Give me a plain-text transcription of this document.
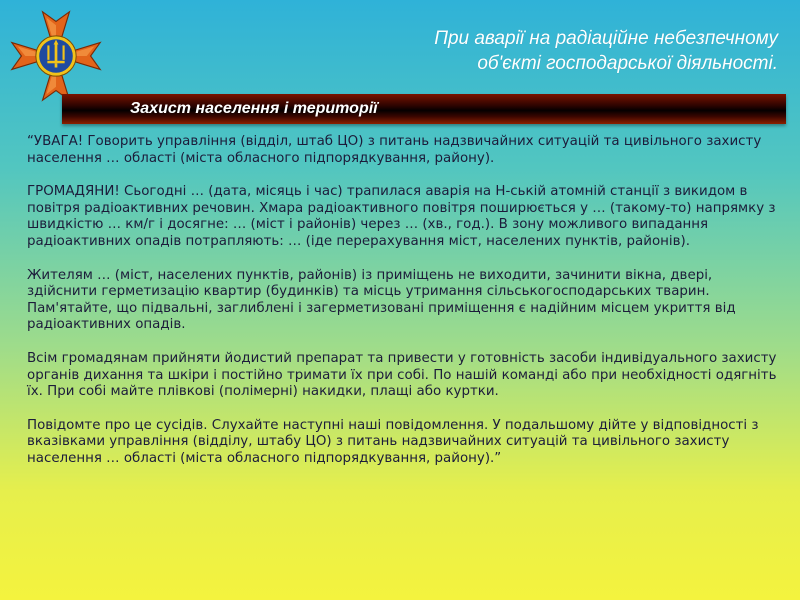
При аварії на радіаційне небезпечному
об'єкті господарської діяльності.
Захист населення і території

“УВАГА! Говорить управління (відділ, штаб ЦО) з питань надзвичайних ситуацій та цивільного захисту населення … області (міста обласного підпорядкування, району).

ГРОМАДЯНИ! Сьогодні … (дата, місяць і час) трапилася аварія на Н-ській атомній станції з викидом в повітря радіоактивних речовин. Хмара радіоактивного повітря поширюється у … (такому-то) напрямку з швидкістю … км/г і досягне: … (міст і районів) через … (хв., год.). В зону можливого випадання радіоактивних опадів потрапляють: … (іде перерахування міст, населених пунктів, районів).

Жителям … (міст, населених пунктів, районів) із приміщень не виходити, зачинити вікна, двері, здійснити герметизацію квартир (будинків) та місць утримання сільськогосподарських тварин. Пам'ятайте, що підвальні, заглиблені і загерметизовані приміщення є надійним місцем укриття від радіоактивних опадів.

Всім громадянам прийняти йодистий препарат та привести у готовність засоби індивідуального захисту органів дихання та шкіри і постійно тримати їх при собі. По нашій команді або при необхідності одягніть їх. При собі майте плівкові (полімерні) накидки, плащі або куртки.

Повідомте про це сусідів. Слухайте наступні наші повідомлення. У подальшому дійте у відповідності з вказівками управління (відділу, штабу ЦО) з питань надзвичайних ситуацій та цивільного захисту населення … області (міста обласного підпорядкування, району).”
